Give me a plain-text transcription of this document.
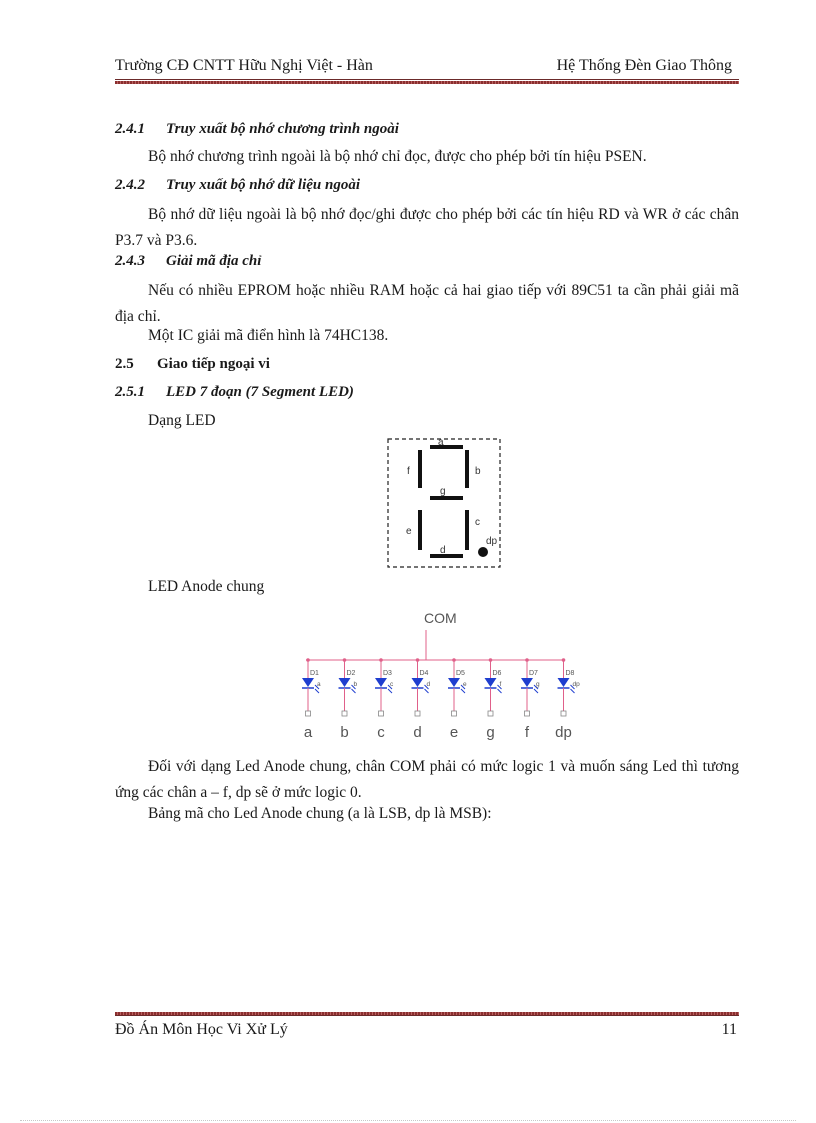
Trường CĐ CNTT Hữu Nghị Việt - Hàn	Hệ Thống Đèn Giao Thông
2.4.1 Truy xuất bộ nhớ chương trình ngoài
Bộ nhớ chương trình ngoài là bộ nhớ chỉ đọc, được cho phép bởi tín hiệu PSEN.
2.4.2 Truy xuất bộ nhớ dữ liệu ngoài
Bộ nhớ dữ liệu ngoài là bộ nhớ đọc/ghi được cho phép bởi các tín hiệu RD và WR ở các chân P3.7 và P3.6.
2.4.3 Giải mã địa chỉ
Nếu có nhiều EPROM hoặc nhiều RAM hoặc cả hai giao tiếp với 89C51 ta cần phải giải mã địa chỉ.
Một IC giải mã điển hình là 74HC138.
2.5 Giao tiếp ngoại vi
2.5.1 LED 7 đoạn (7 Segment LED)
Dạng LED
a
b
c
d
e
f
g
dp
LED Anode chung
COM
D1
a
D2
b
D3
c
D4
d
D5
e
D6
f
D7
g
D8
dp
a b c d e g f dp
Đối với dạng Led Anode chung, chân COM phải có mức logic 1 và muốn sáng Led thì tương ứng các chân a – f, dp sẽ ở mức logic 0.
Bảng mã cho Led Anode chung (a là LSB, dp là MSB):
Đồ Án Môn Học Vi Xử Lý	11
